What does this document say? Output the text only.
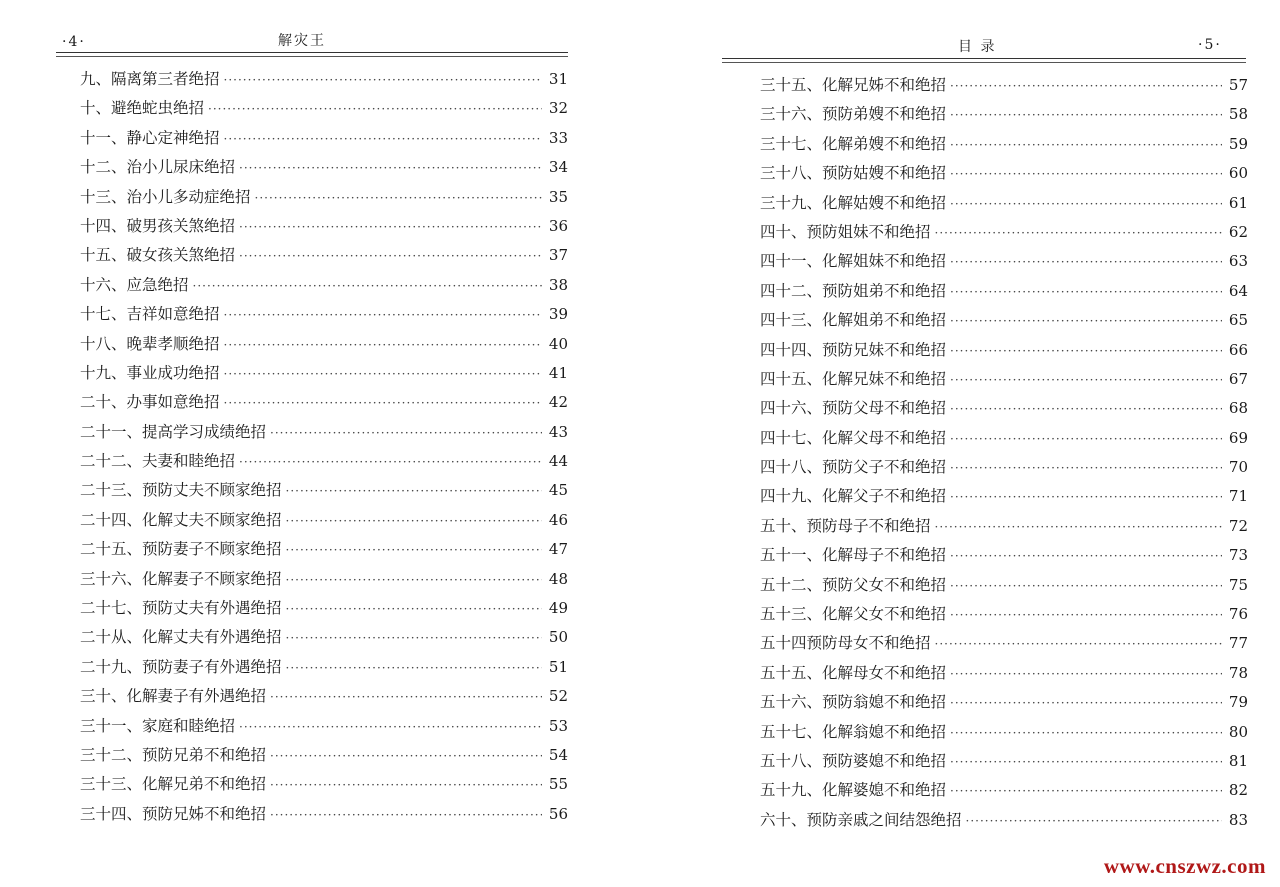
·4·	解灾王
九、隔离第三者绝招 ·····	31
十、避绝蛇虫绝招 ·····	32
十一、静心定神绝招 ·····	33
十二、治小儿尿床绝招 ·····	34
十三、治小儿多动症绝招 ·····	35
十四、破男孩关煞绝招 ·····	36
十五、破女孩关煞绝招 ·····	37
十六、应急绝招 ·····	38
十七、吉祥如意绝招 ·····	39
十八、晚辈孝顺绝招 ·····	40
十九、事业成功绝招 ·····	41
二十、办事如意绝招 ·····	42
二十一、提高学习成绩绝招 ·····	43
二十二、夫妻和睦绝招 ·····	44
二十三、预防丈夫不顾家绝招 ·····	45
二十四、化解丈夫不顾家绝招 ·····	46
二十五、预防妻子不顾家绝招 ·····	47
三十六、化解妻子不顾家绝招 ·····	48
二十七、预防丈夫有外遇绝招 ·····	49
二十从、化解丈夫有外遇绝招 ·····	50
二十九、预防妻子有外遇绝招 ·····	51
三十、化解妻子有外遇绝招 ·····	52
三十一、家庭和睦绝招 ·····	53
三十二、预防兄弟不和绝招 ·····	54
三十三、化解兄弟不和绝招 ·····	55
三十四、预防兄姊不和绝招 ·····	56
目 录	·5·
三十五、化解兄姊不和绝招 ·····	57
三十六、预防弟嫂不和绝招 ·····	58
三十七、化解弟嫂不和绝招 ·····	59
三十八、预防姑嫂不和绝招 ·····	60
三十九、化解姑嫂不和绝招 ·····	61
四十、预防姐妹不和绝招 ·····	62
四十一、化解姐妹不和绝招 ·····	63
四十二、预防姐弟不和绝招 ·····	64
四十三、化解姐弟不和绝招 ·····	65
四十四、预防兄妹不和绝招 ·····	66
四十五、化解兄妹不和绝招 ·····	67
四十六、预防父母不和绝招 ·····	68
四十七、化解父母不和绝招 ·····	69
四十八、预防父子不和绝招 ·····	70
四十九、化解父子不和绝招 ·····	71
五十、预防母子不和绝招 ·····	72
五十一、化解母子不和绝招 ·····	73
五十二、预防父女不和绝招 ·····	75
五十三、化解父女不和绝招 ·····	76
五十四预防母女不和绝招 ·····	77
五十五、化解母女不和绝招 ·····	78
五十六、预防翁媳不和绝招 ·····	79
五十七、化解翁媳不和绝招 ·····	80
五十八、预防婆媳不和绝招 ·····	81
五十九、化解婆媳不和绝招 ·····	82
六十、预防亲戚之间结怨绝招 ·····	83
www.cnszwz.com
